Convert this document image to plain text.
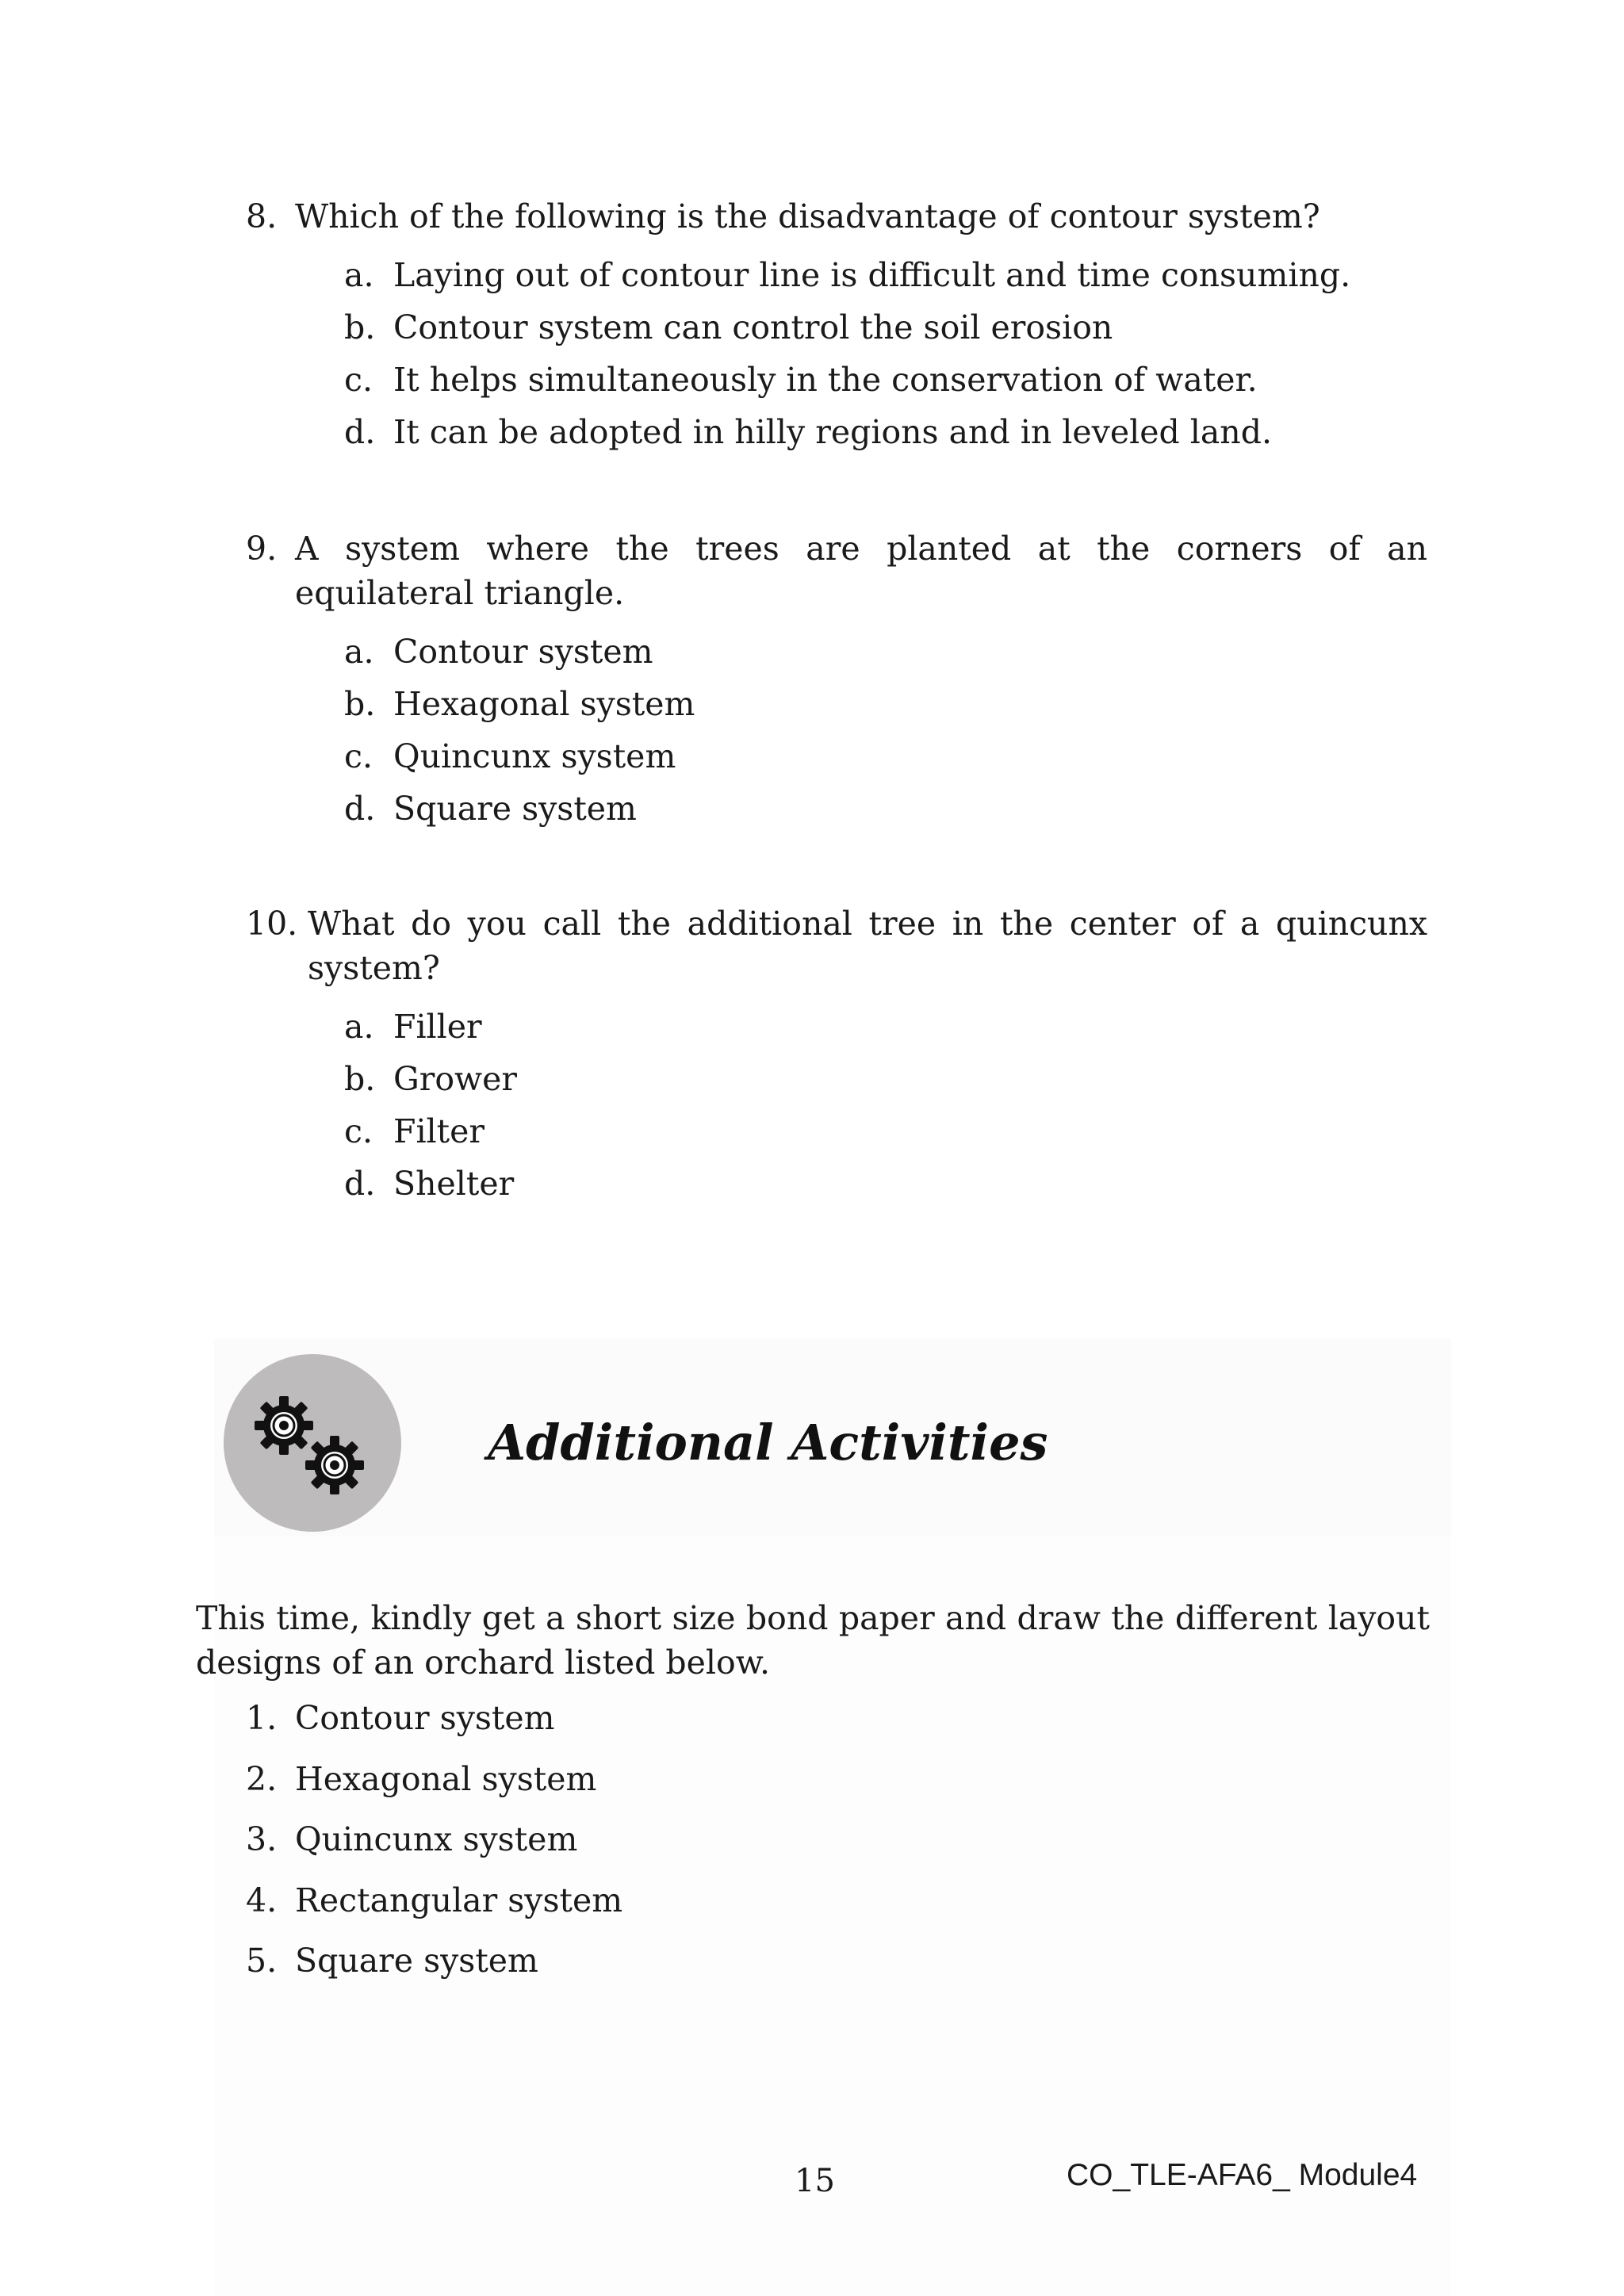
8. Which of the following is the disadvantage of contour system?
a. Laying out of contour line is difficult and time consuming.
b. Contour system can control the soil erosion
c. It helps simultaneously in the conservation of water.
d. It can be adopted in hilly regions and in leveled land.
9. A system where the trees are planted at the corners of an equilateral triangle.
a. Contour system
b. Hexagonal system
c. Quincunx system
d. Square system
10. What do you call the additional tree in the center of a quincunx system?
a. Filler
b. Grower
c. Filter
d. Shelter
Additional Activities
This time, kindly get a short size bond paper and draw the different layout designs of an orchard listed below.
1. Contour system
2. Hexagonal system
3. Quincunx system
4. Rectangular system
5. Square system
15	CO_TLE-AFA6_ Module4
